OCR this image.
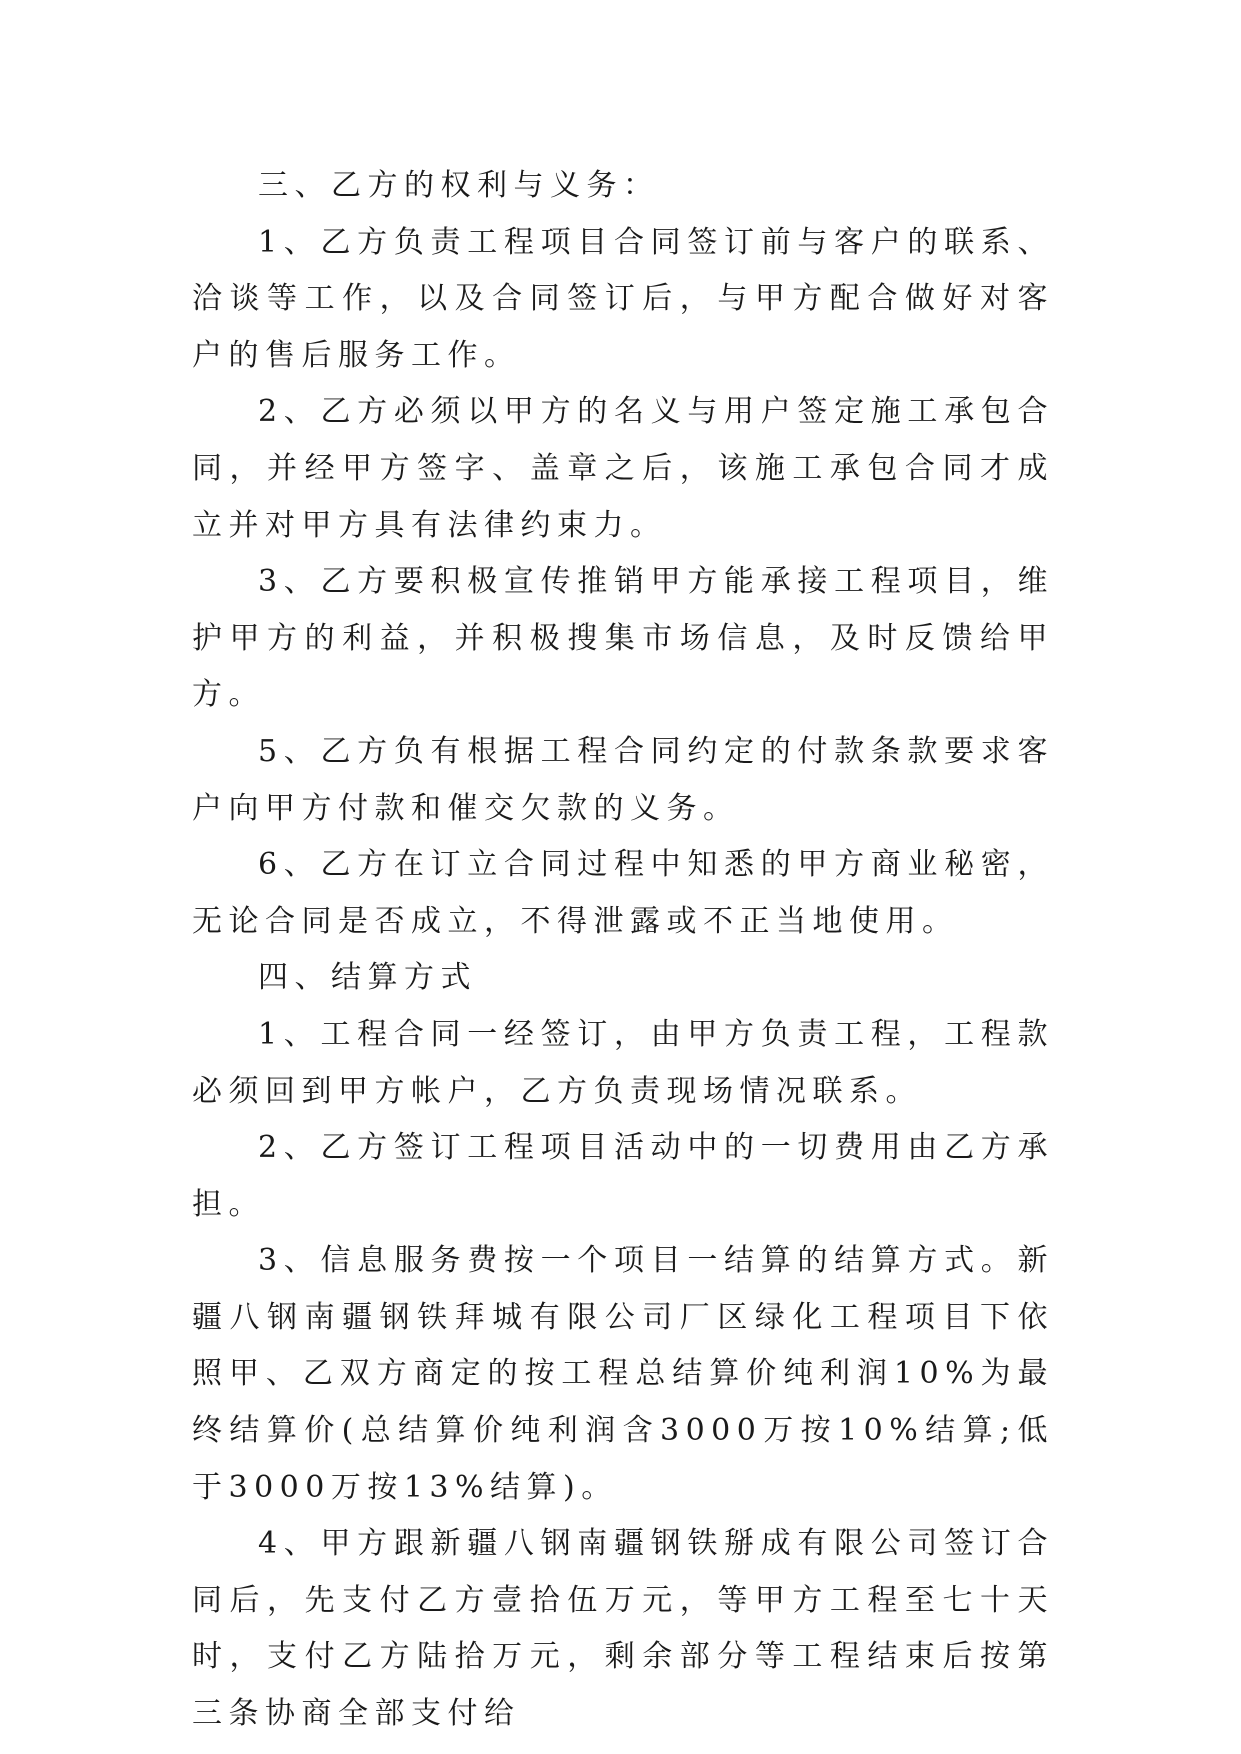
三、乙方的权利与义务：

1、乙方负责工程项目合同签订前与客户的联系、洽谈等工作，以及合同签订后，与甲方配合做好对客户的售后服务工作。

2、乙方必须以甲方的名义与用户签定施工承包合同，并经甲方签字、盖章之后，该施工承包合同才成立并对甲方具有法律约束力。

3、乙方要积极宣传推销甲方能承接工程项目，维护甲方的利益，并积极搜集市场信息，及时反馈给甲方。

5、乙方负有根据工程合同约定的付款条款要求客户向甲方付款和催交欠款的义务。

6、乙方在订立合同过程中知悉的甲方商业秘密，无论合同是否成立，不得泄露或不正当地使用。

四、结算方式

1、工程合同一经签订，由甲方负责工程，工程款必须回到甲方帐户，乙方负责现场情况联系。

2、乙方签订工程项目活动中的一切费用由乙方承担。

3、信息服务费按一个项目一结算的结算方式。新疆八钢南疆钢铁拜城有限公司厂区绿化工程项目下依照甲、乙双方商定的按工程总结算价纯利润10%为最终结算价(总结算价纯利润含3000万按10%结算;低于3000万按13%结算)。

4、甲方跟新疆八钢南疆钢铁掰成有限公司签订合同后，先支付乙方壹拾伍万元，等甲方工程至七十天时，支付乙方陆拾万元，剩余部分等工程结束后按第三条协商全部支付给
